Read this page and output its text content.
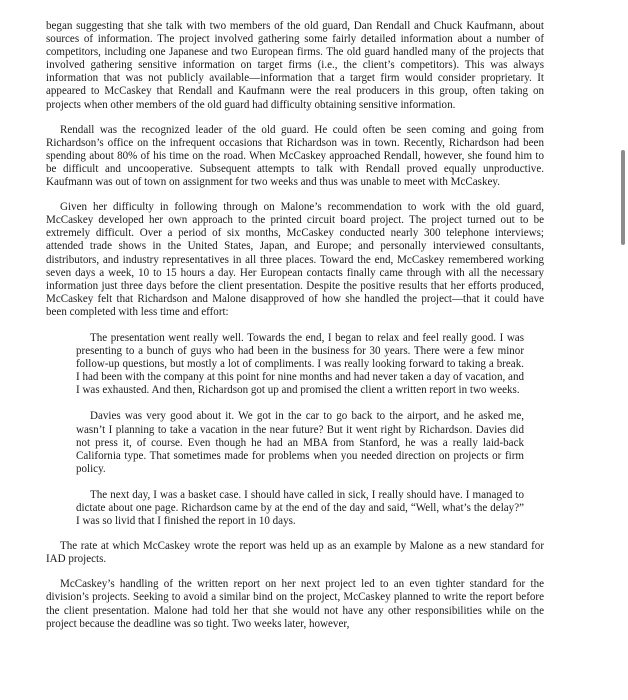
began suggesting that she talk with two members of the old guard, Dan Rendall and Chuck Kaufmann, about sources of information. The project involved gathering some fairly detailed information about a number of competitors, including one Japanese and two European firms. The old guard handled many of the projects that involved gathering sensitive information on target firms (i.e., the client’s competitors). This was always information that was not publicly available—information that a target firm would consider proprietary. It appeared to McCaskey that Rendall and Kaufmann were the real producers in this group, often taking on projects when other members of the old guard had difficulty obtaining sensitive information.

Rendall was the recognized leader of the old guard. He could often be seen coming and going from Richardson’s office on the infrequent occasions that Richardson was in town. Recently, Richardson had been spending about 80% of his time on the road. When McCaskey approached Rendall, however, she found him to be difficult and uncooperative. Subsequent attempts to talk with Rendall proved equally unproductive. Kaufmann was out of town on assignment for two weeks and thus was unable to meet with McCaskey.

Given her difficulty in following through on Malone’s recommendation to work with the old guard, McCaskey developed her own approach to the printed circuit board project. The project turned out to be extremely difficult. Over a period of six months, McCaskey conducted nearly 300 telephone interviews; attended trade shows in the United States, Japan, and Europe; and personally interviewed consultants, distributors, and industry representatives in all three places. Toward the end, McCaskey remembered working seven days a week, 10 to 15 hours a day. Her European contacts finally came through with all the necessary information just three days before the client presentation. Despite the positive results that her efforts produced, McCaskey felt that Richardson and Malone disapproved of how she handled the project—that it could have been completed with less time and effort:

The presentation went really well. Towards the end, I began to relax and feel really good. I was presenting to a bunch of guys who had been in the business for 30 years. There were a few minor follow-up questions, but mostly a lot of compliments. I was really looking forward to taking a break. I had been with the company at this point for nine months and had never taken a day of vacation, and I was exhausted. And then, Richardson got up and promised the client a written report in two weeks.

Davies was very good about it. We got in the car to go back to the airport, and he asked me, wasn’t I planning to take a vacation in the near future? But it went right by Richardson. Davies did not press it, of course. Even though he had an MBA from Stanford, he was a really laid-back California type. That sometimes made for problems when you needed direction on projects or firm policy.

The next day, I was a basket case. I should have called in sick, I really should have. I managed to dictate about one page. Richardson came by at the end of the day and said, “Well, what’s the delay?” I was so livid that I finished the report in 10 days.

The rate at which McCaskey wrote the report was held up as an example by Malone as a new standard for IAD projects.

McCaskey’s handling of the written report on her next project led to an even tighter standard for the division’s projects. Seeking to avoid a similar bind on the project, McCaskey planned to write the report before the client presentation. Malone had told her that she would not have any other responsibilities while on the project because the deadline was so tight. Two weeks later, however,
